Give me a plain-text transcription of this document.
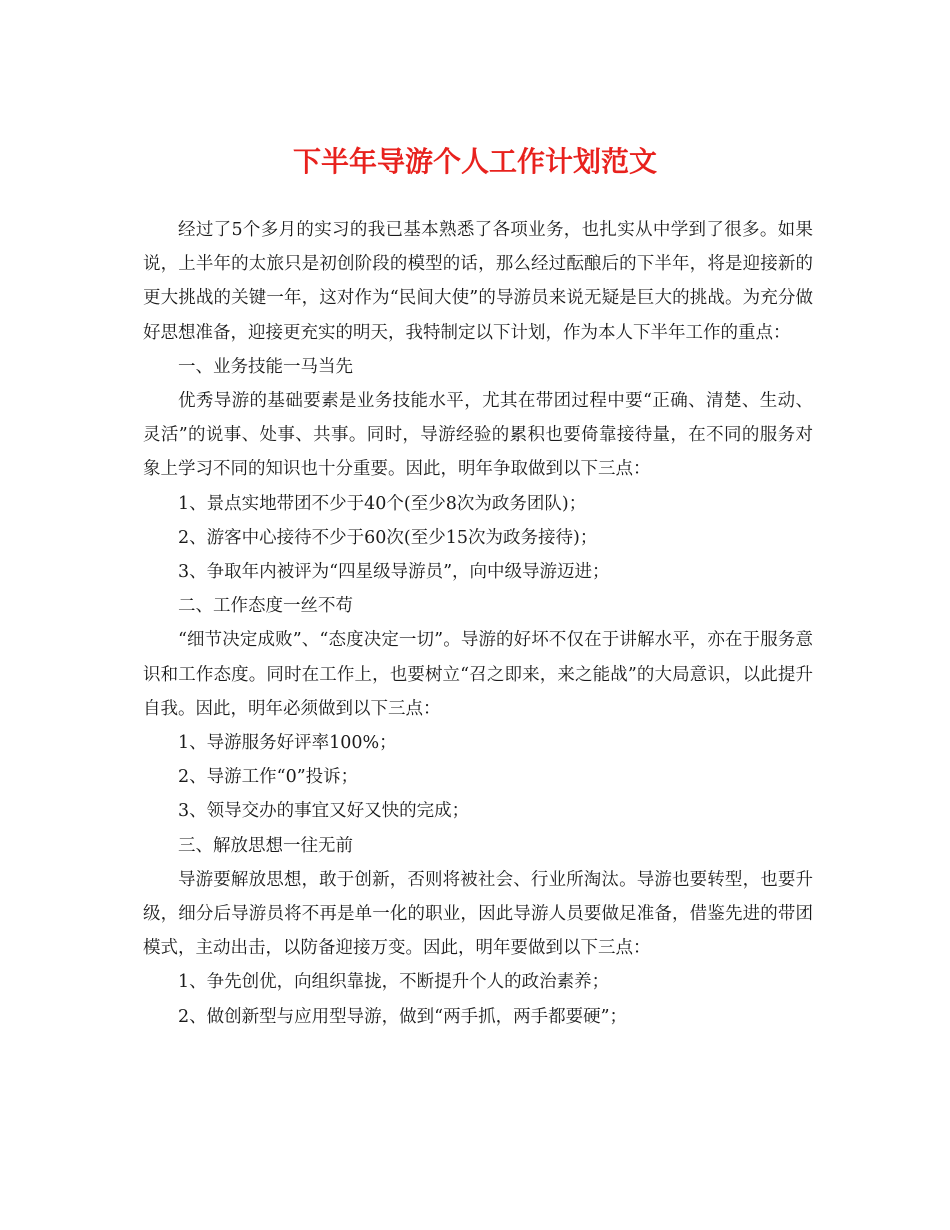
下半年导游个人工作计划范文

经过了5个多月的实习的我已基本熟悉了各项业务，也扎实从中学到了很多。如果说，上半年的太旅只是初创阶段的模型的话，那么经过酝酿后的下半年，将是迎接新的更大挑战的关键一年，这对作为“民间大使”的导游员来说无疑是巨大的挑战。为充分做好思想准备，迎接更充实的明天，我特制定以下计划，作为本人下半年工作的重点：

一、业务技能一马当先

优秀导游的基础要素是业务技能水平，尤其在带团过程中要“正确、清楚、生动、灵活”的说事、处事、共事。同时，导游经验的累积也要倚靠接待量，在不同的服务对象上学习不同的知识也十分重要。因此，明年争取做到以下三点：

1、景点实地带团不少于40个(至少8次为政务团队)；

2、游客中心接待不少于60次(至少15次为政务接待)；

3、争取年内被评为“四星级导游员”，向中级导游迈进；

二、工作态度一丝不苟

“细节决定成败”、“态度决定一切”。导游的好坏不仅在于讲解水平，亦在于服务意识和工作态度。同时在工作上，也要树立“召之即来，来之能战”的大局意识，以此提升自我。因此，明年必须做到以下三点：

1、导游服务好评率100%；

2、导游工作“0”投诉；

3、领导交办的事宜又好又快的完成；

三、解放思想一往无前

导游要解放思想，敢于创新，否则将被社会、行业所淘汰。导游也要转型，也要升级，细分后导游员将不再是单一化的职业，因此导游人员要做足准备，借鉴先进的带团模式，主动出击，以防备迎接万变。因此，明年要做到以下三点：

1、争先创优，向组织靠拢，不断提升个人的政治素养；

2、做创新型与应用型导游，做到“两手抓，两手都要硬”；
